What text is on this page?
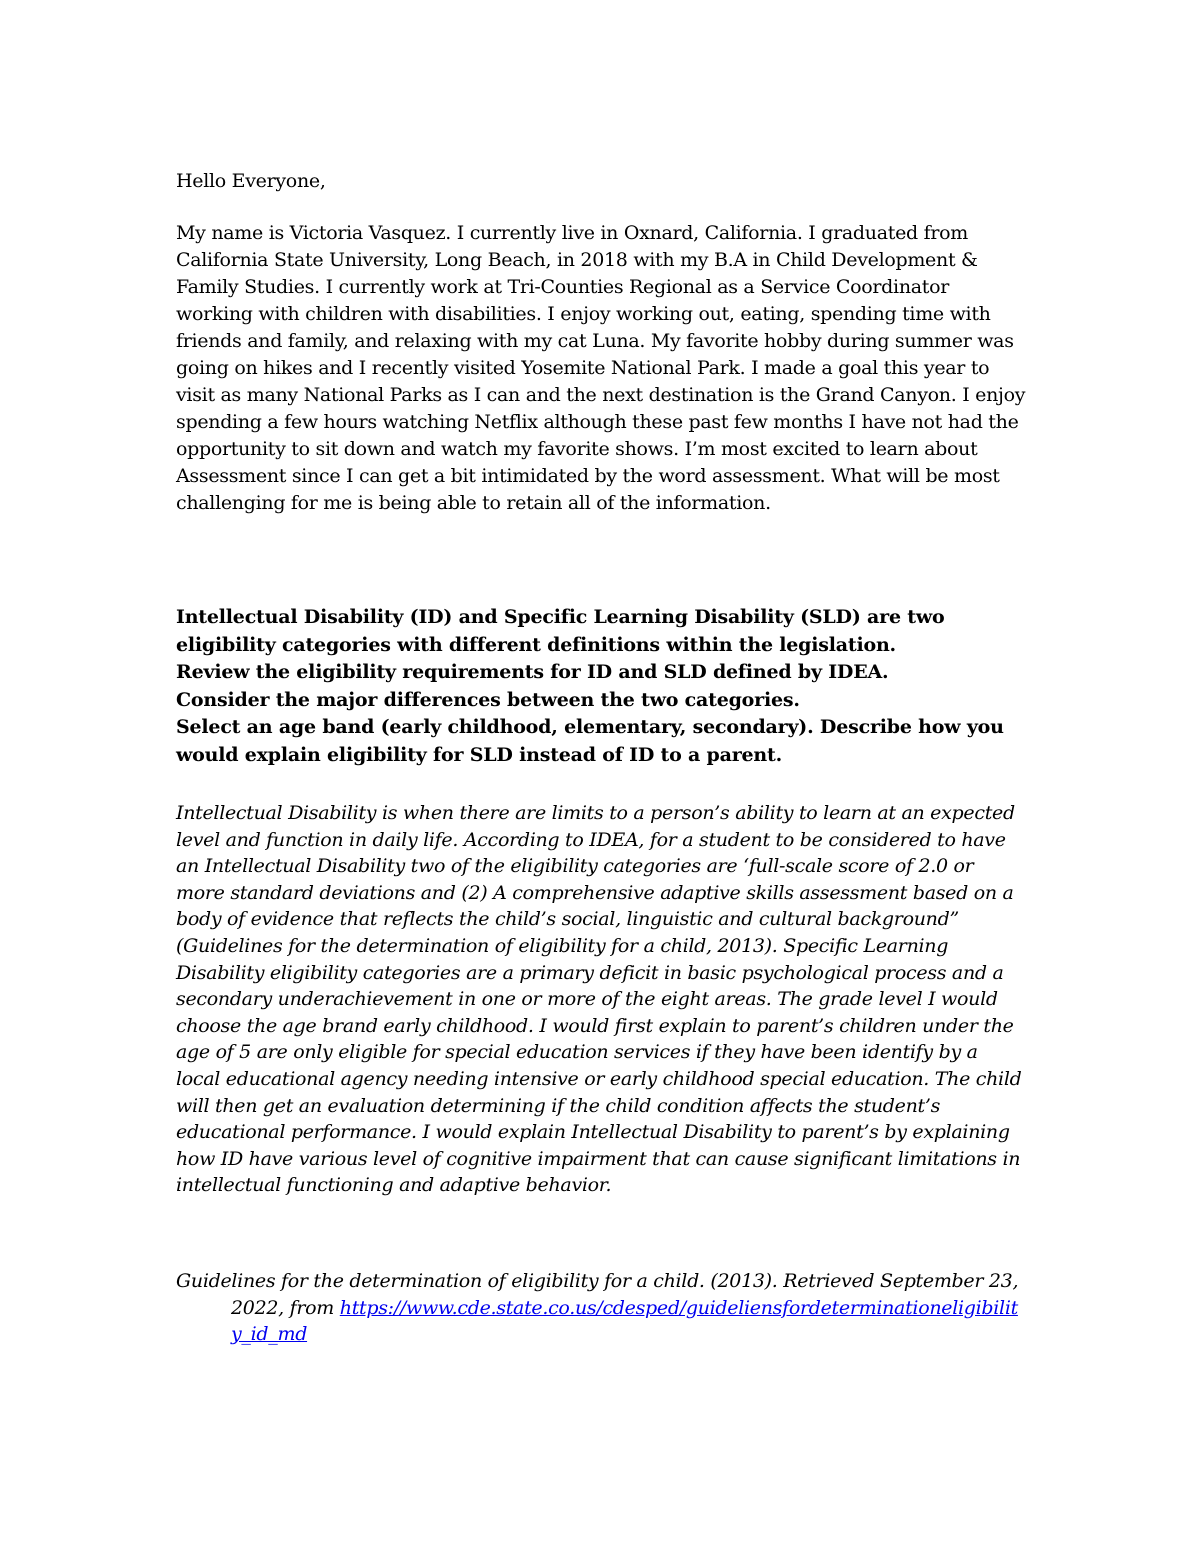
Hello Everyone,

My name is Victoria Vasquez. I currently live in Oxnard, California. I graduated from California State University, Long Beach, in 2018 with my B.A in Child Development & Family Studies. I currently work at Tri-Counties Regional as a Service Coordinator working with children with disabilities. I enjoy working out, eating, spending time with friends and family, and relaxing with my cat Luna. My favorite hobby during summer was going on hikes and I recently visited Yosemite National Park. I made a goal this year to visit as many National Parks as I can and the next destination is the Grand Canyon. I enjoy spending a few hours watching Netflix although these past few months I have not had the opportunity to sit down and watch my favorite shows. I’m most excited to learn about Assessment since I can get a bit intimidated by the word assessment. What will be most challenging for me is being able to retain all of the information.

Intellectual Disability (ID) and Specific Learning Disability (SLD) are two eligibility categories with different definitions within the legislation.
Review the eligibility requirements for ID and SLD defined by IDEA.
Consider the major differences between the two categories.
Select an age band (early childhood, elementary, secondary). Describe how you would explain eligibility for SLD instead of ID to a parent.

Intellectual Disability is when there are limits to a person’s ability to learn at an expected level and function in daily life. According to IDEA, for a student to be considered to have an Intellectual Disability two of the eligibility categories are ‘full-scale score of 2.0 or more standard deviations and (2) A comprehensive adaptive skills assessment based on a body of evidence that reflects the child’s social, linguistic and cultural background” (Guidelines for the determination of eligibility for a child, 2013). Specific Learning Disability eligibility categories are a primary deficit in basic psychological process and a secondary underachievement in one or more of the eight areas. The grade level I would choose the age brand early childhood. I would first explain to parent’s children under the age of 5 are only eligible for special education services if they have been identify by a local educational agency needing intensive or early childhood special education. The child will then get an evaluation determining if the child condition affects the student’s educational performance. I would explain Intellectual Disability to parent’s by explaining how ID have various level of cognitive impairment that can cause significant limitations in intellectual functioning and adaptive behavior.

Guidelines for the determination of eligibility for a child. (2013). Retrieved September 23, 2022, from https://www.cde.state.co.us/cdesped/guideliensfordeterminationeligibility_id_md
